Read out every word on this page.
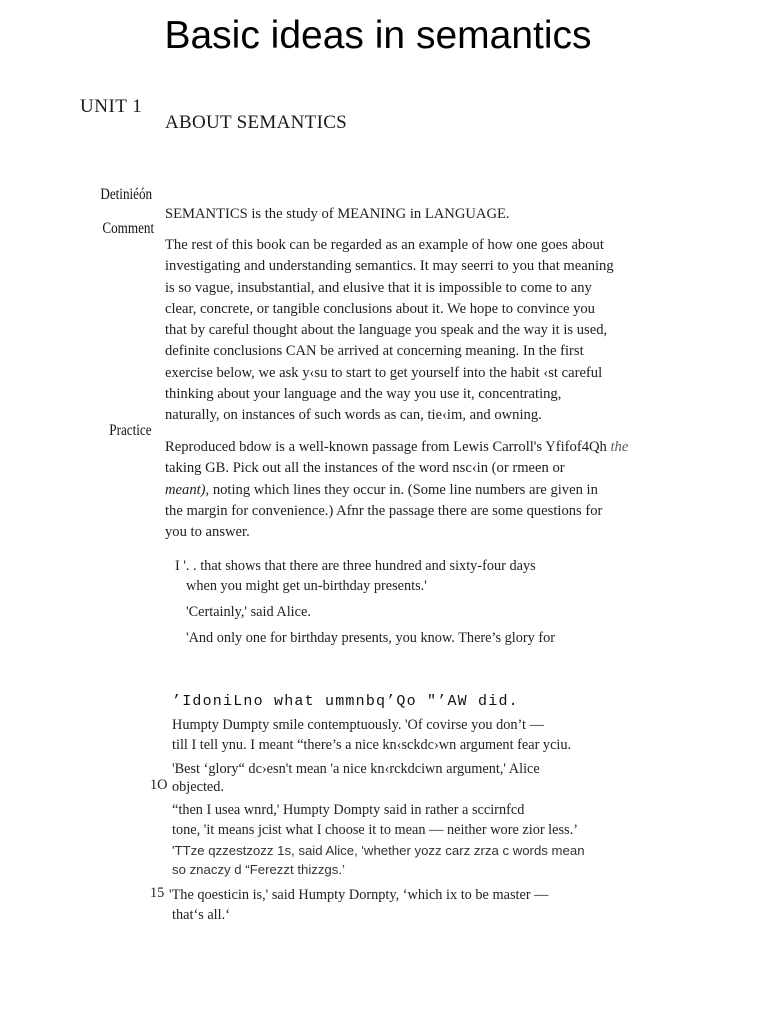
Basic ideas in semantics
UNIT 1
ABOUT SEMANTICS
Detiniéón
Comment
Practice
SEMANTICS is the study of MEANING in LANGUAGE.
The rest of this book can be regarded as an example of how one goes about
investigating and understanding semantics. It may seerri to you that meaning
is so vague, insubstantial, and elusive that it is impossible to come to any
clear, concrete, or tangible conclusions about it. We hope to convince you
that by careful thought about the language you speak and the way it is used,
definite conclusions CAN be arrived at concerning meaning. In the first
exercise below, we ask y‹su to start to get yourself into the habit ‹st careful
thinking about your language and the way you use it, concentrating,
naturally, on instances of such words as can, tie‹im, and owning.
Reproduced bdow is a well-known passage from Lewis Carroll's Yfifof4Qh the
taking GB. Pick out all the instances of the word nsc‹in (or rmeen or
meant), noting which lines they occur in. (Some line numbers are given in
the margin for convenience.) Afnr the passage there are some questions for
you to answer.
I '. . that shows that there are three hundred and sixty-four days
when you might get un-birthday presents.'
'Certainly,' said Alice.
'And only one for birthday presents, you know. There’s glory for
’IdoniLno what ummnbq’Qo "’AW did.
Humpty Dumpty smile contemptuously. 'Of covirse you don’t —
till I tell ynu. I meant “there’s a nice kn‹sckdc›wn argument fear yciu.
'Best ‘glory“ dc›esn't mean 'a nice kn‹rckdciwn argument,' Alice
1O objected.
“then I usea wnrd,' Humpty Dompty said in rather a sccirnfcd
tone, 'it means jcist what I choose it to mean — neither wore zior less.’
'TTze qzzestzozz 1s, said Alice, 'whether yozz carz zrza c words mean
so znaczy d “Ferezzt thizzgs.’
15 'The qoesticin is,' said Humpty Dornpty, ‘which ix to be master —
that‘s all.‘
